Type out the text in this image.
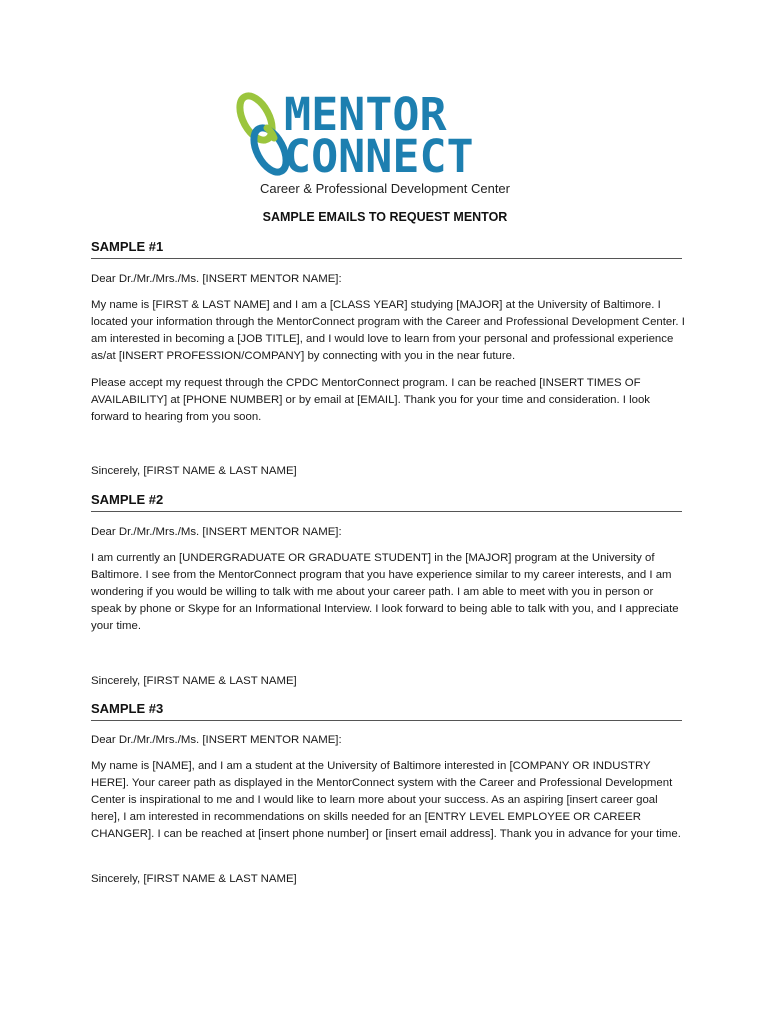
MENTOR
CONNECT
Career & Professional Development Center
SAMPLE EMAILS TO REQUEST MENTOR
SAMPLE #1
Dear Dr./Mr./Mrs./Ms. [INSERT MENTOR NAME]:
My name is [FIRST & LAST NAME] and I am a [CLASS YEAR] studying [MAJOR] at the University of Baltimore. I located your information through the MentorConnect program with the Career and Professional Development Center. I am interested in becoming a [JOB TITLE], and I would love to learn from your personal and professional experience as/at [INSERT PROFESSION/COMPANY] by connecting with you in the near future.
Please accept my request through the CPDC MentorConnect program. I can be reached [INSERT TIMES OF AVAILABILITY] at [PHONE NUMBER] or by email at [EMAIL]. Thank you for your time and consideration. I look forward to hearing from you soon.
Sincerely, [FIRST NAME & LAST NAME]
SAMPLE #2
Dear Dr./Mr./Mrs./Ms. [INSERT MENTOR NAME]:
I am currently an [UNDERGRADUATE OR GRADUATE STUDENT] in the [MAJOR] program at the University of Baltimore. I see from the MentorConnect program that you have experience similar to my career interests, and I am wondering if you would be willing to talk with me about your career path. I am able to meet with you in person or speak by phone or Skype for an Informational Interview. I look forward to being able to talk with you, and I appreciate your time.
Sincerely, [FIRST NAME & LAST NAME]
SAMPLE #3
Dear Dr./Mr./Mrs./Ms. [INSERT MENTOR NAME]:
My name is [NAME], and I am a student at the University of Baltimore interested in [COMPANY OR INDUSTRY HERE]. Your career path as displayed in the MentorConnect system with the Career and Professional Development Center is inspirational to me and I would like to learn more about your success. As an aspiring [insert career goal here], I am interested in recommendations on skills needed for an [ENTRY LEVEL EMPLOYEE OR CAREER CHANGER]. I can be reached at [insert phone number] or [insert email address]. Thank you in advance for your time.
Sincerely, [FIRST NAME & LAST NAME]
